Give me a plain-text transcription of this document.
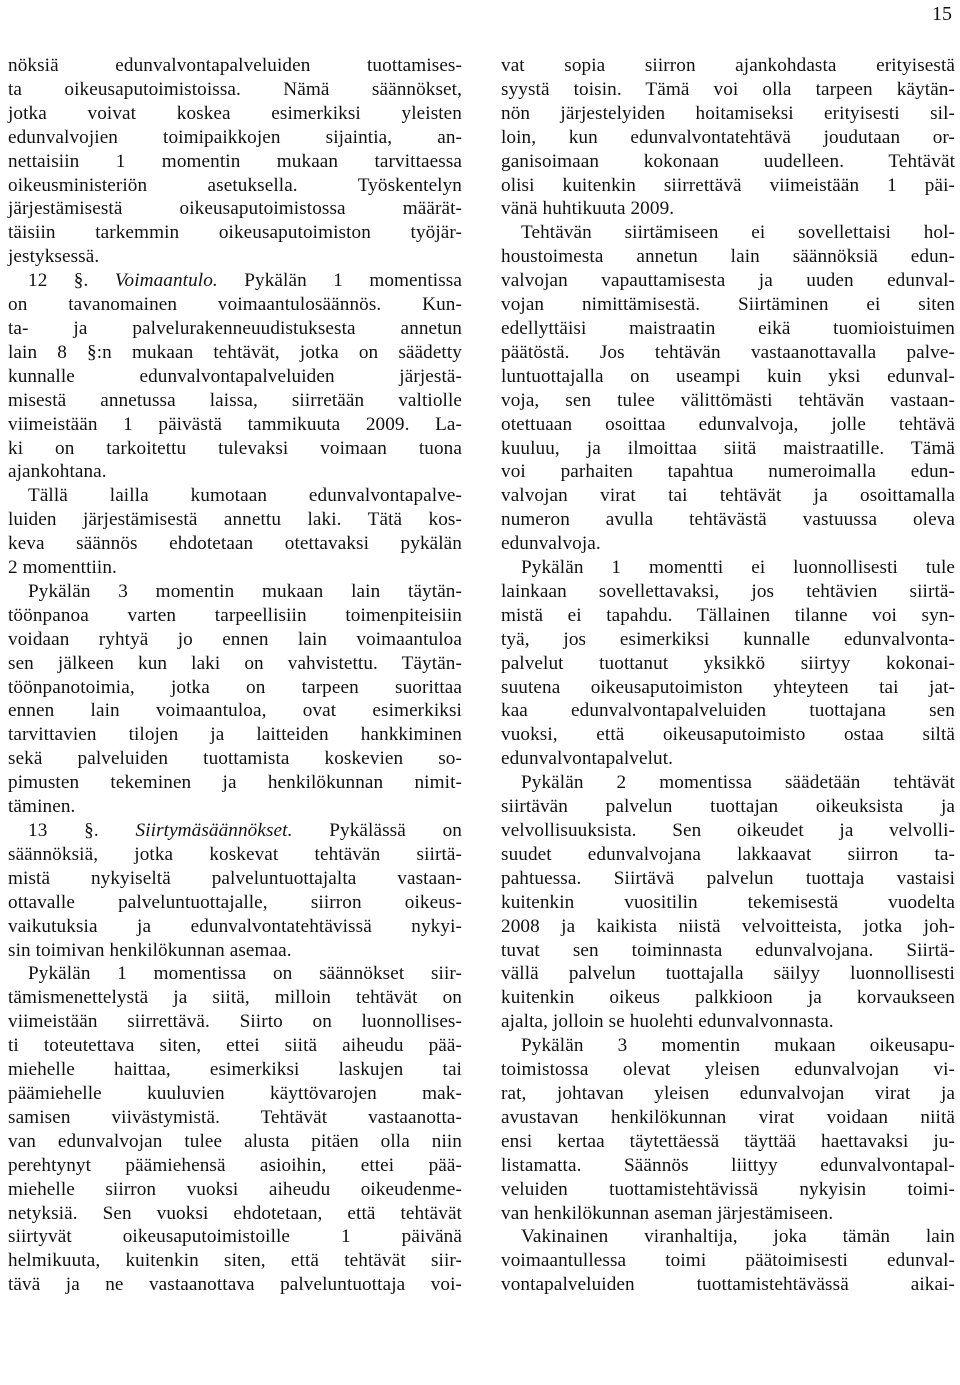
15
nöksiä edunvalvontapalveluiden tuottamises-
ta oikeusaputoimistoissa. Nämä säännökset,
jotka voivat koskea esimerkiksi yleisten
edunvalvojien toimipaikkojen sijaintia, an-
nettaisiin 1 momentin mukaan tarvittaessa
oikeusministeriön asetuksella. Työskentelyn
järjestämisestä oikeusaputoimistossa määrät-
täisiin tarkemmin oikeusaputoimiston työjär-
jestyksessä.
12 §. Voimaantulo. Pykälän 1 momentissa
on tavanomainen voimaantulosäännös. Kun-
ta- ja palvelurakenneuudistuksesta annetun
lain 8 §:n mukaan tehtävät, jotka on säädetty
kunnalle edunvalvontapalveluiden järjestä-
misestä annetussa laissa, siirretään valtiolle
viimeistään 1 päivästä tammikuuta 2009. La-
ki on tarkoitettu tulevaksi voimaan tuona
ajankohtana.
Tällä lailla kumotaan edunvalvontapalve-
luiden järjestämisestä annettu laki. Tätä kos-
keva säännös ehdotetaan otettavaksi pykälän
2 momenttiin.
Pykälän 3 momentin mukaan lain täytän-
töönpanoa varten tarpeellisiin toimenpiteisiin
voidaan ryhtyä jo ennen lain voimaantuloa
sen jälkeen kun laki on vahvistettu. Täytän-
töönpanotoimia, jotka on tarpeen suorittaa
ennen lain voimaantuloa, ovat esimerkiksi
tarvittavien tilojen ja laitteiden hankkiminen
sekä palveluiden tuottamista koskevien so-
pimusten tekeminen ja henkilökunnan nimit-
täminen.
13 §. Siirtymäsäännökset. Pykälässä on
säännöksiä, jotka koskevat tehtävän siirtä-
mistä nykyiseltä palveluntuottajalta vastaan-
ottavalle palveluntuottajalle, siirron oikeus-
vaikutuksia ja edunvalvontatehtävissä nykyi-
sin toimivan henkilökunnan asemaa.
Pykälän 1 momentissa on säännökset siir-
tämismenettelystä ja siitä, milloin tehtävät on
viimeistään siirrettävä. Siirto on luonnollises-
ti toteutettava siten, ettei siitä aiheudu pää-
miehelle haittaa, esimerkiksi laskujen tai
päämiehelle kuuluvien käyttövarojen mak-
samisen viivästymistä. Tehtävät vastaanotta-
van edunvalvojan tulee alusta pitäen olla niin
perehtynyt päämiehensä asioihin, ettei pää-
miehelle siirron vuoksi aiheudu oikeudenme-
netyksiä. Sen vuoksi ehdotetaan, että tehtävät
siirtyvät oikeusaputoimistoille 1 päivänä
helmikuuta, kuitenkin siten, että tehtävät siir-
tävä ja ne vastaanottava palveluntuottaja voi-
vat sopia siirron ajankohdasta erityisestä
syystä toisin. Tämä voi olla tarpeen käytän-
nön järjestelyiden hoitamiseksi erityisesti sil-
loin, kun edunvalvontatehtävä joudutaan or-
ganisoimaan kokonaan uudelleen. Tehtävät
olisi kuitenkin siirrettävä viimeistään 1 päi-
vänä huhtikuuta 2009.
Tehtävän siirtämiseen ei sovellettaisi hol-
houstoimesta annetun lain säännöksiä edun-
valvojan vapauttamisesta ja uuden edunval-
vojan nimittämisestä. Siirtäminen ei siten
edellyttäisi maistraatin eikä tuomioistuimen
päätöstä. Jos tehtävän vastaanottavalla palve-
luntuottajalla on useampi kuin yksi edunval-
voja, sen tulee välittömästi tehtävän vastaan-
otettuaan osoittaa edunvalvoja, jolle tehtävä
kuuluu, ja ilmoittaa siitä maistraatille. Tämä
voi parhaiten tapahtua numeroimalla edun-
valvojan virat tai tehtävät ja osoittamalla
numeron avulla tehtävästä vastuussa oleva
edunvalvoja.
Pykälän 1 momentti ei luonnollisesti tule
lainkaan sovellettavaksi, jos tehtävien siirtä-
mistä ei tapahdu. Tällainen tilanne voi syn-
tyä, jos esimerkiksi kunnalle edunvalvonta-
palvelut tuottanut yksikkö siirtyy kokonai-
suutena oikeusaputoimiston yhteyteen tai jat-
kaa edunvalvontapalveluiden tuottajana sen
vuoksi, että oikeusaputoimisto ostaa siltä
edunvalvontapalvelut.
Pykälän 2 momentissa säädetään tehtävät
siirtävän palvelun tuottajan oikeuksista ja
velvollisuuksista. Sen oikeudet ja velvolli-
suudet edunvalvojana lakkaavat siirron ta-
pahtuessa. Siirtävä palvelun tuottaja vastaisi
kuitenkin vuositilin tekemisestä vuodelta
2008 ja kaikista niistä velvoitteista, jotka joh-
tuvat sen toiminnasta edunvalvojana. Siirtä-
vällä palvelun tuottajalla säilyy luonnollisesti
kuitenkin oikeus palkkioon ja korvaukseen
ajalta, jolloin se huolehti edunvalvonnasta.
Pykälän 3 momentin mukaan oikeusapu-
toimistossa olevat yleisen edunvalvojan vi-
rat, johtavan yleisen edunvalvojan virat ja
avustavan henkilökunnan virat voidaan niitä
ensi kertaa täytettäessä täyttää haettavaksi ju-
listamatta. Säännös liittyy edunvalvontapal-
veluiden tuottamistehtävissä nykyisin toimi-
van henkilökunnan aseman järjestämiseen.
Vakinainen viranhaltija, joka tämän lain
voimaantullessa toimi päätoimisesti edunval-
vontapalveluiden tuottamistehtävässä aikai-
